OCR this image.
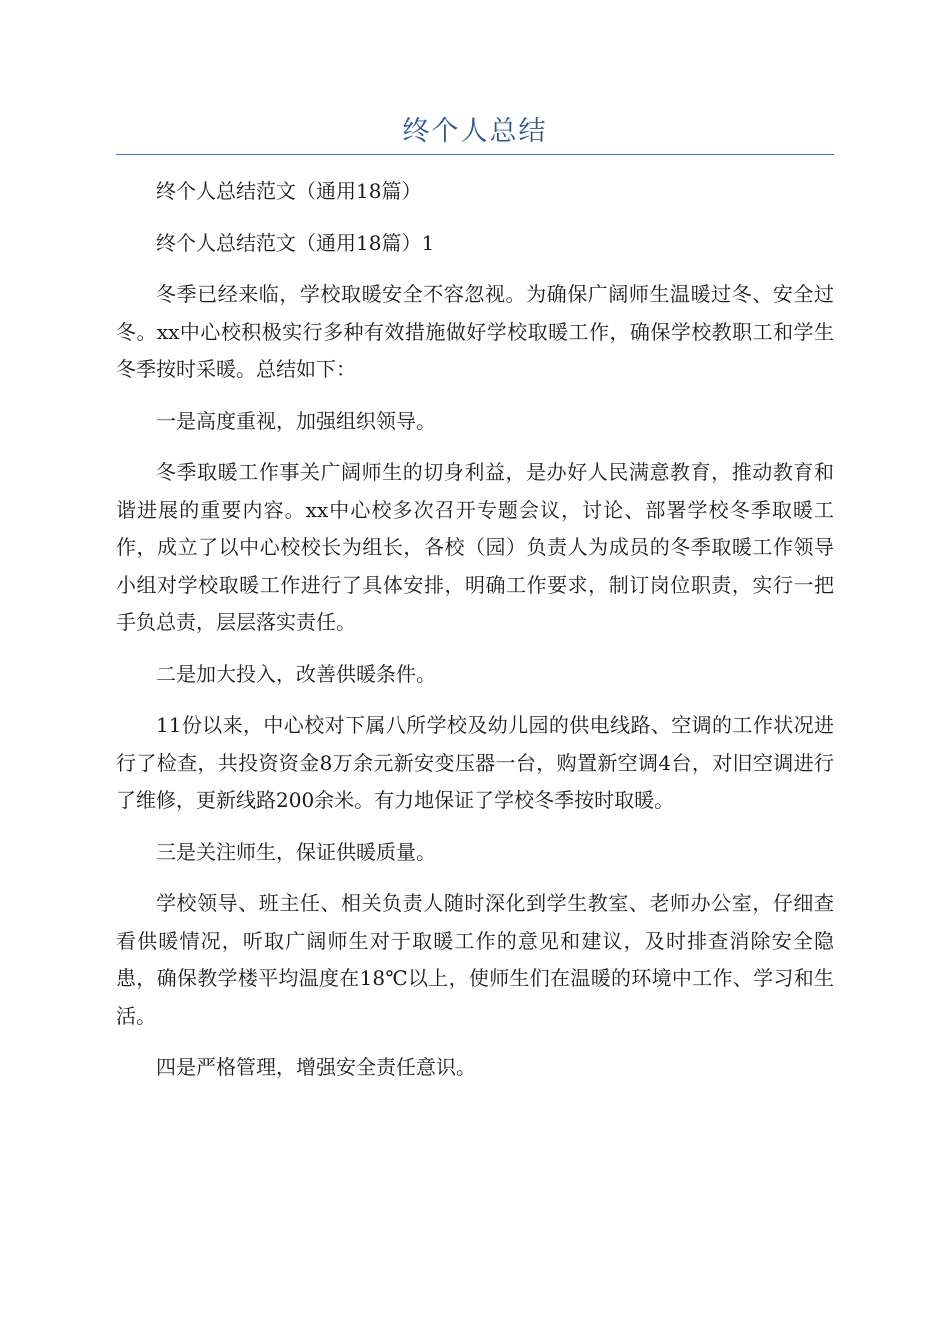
终个人总结

终个人总结范文（通用18篇）

终个人总结范文（通用18篇）1

冬季已经来临，学校取暖安全不容忽视。为确保广阔师生温暖过冬、安全过冬。xx中心校积极实行多种有效措施做好学校取暖工作，确保学校教职工和学生冬季按时采暖。总结如下：

一是高度重视，加强组织领导。

冬季取暖工作事关广阔师生的切身利益，是办好人民满意教育，推动教育和谐进展的重要内容。xx中心校多次召开专题会议，讨论、部署学校冬季取暖工作，成立了以中心校校长为组长，各校（园）负责人为成员的冬季取暖工作领导小组对学校取暖工作进行了具体安排，明确工作要求，制订岗位职责，实行一把手负总责，层层落实责任。

二是加大投入，改善供暖条件。

11份以来，中心校对下属八所学校及幼儿园的供电线路、空调的工作状况进行了检查，共投资资金8万余元新安变压器一台，购置新空调4台，对旧空调进行了维修，更新线路200余米。有力地保证了学校冬季按时取暖。

三是关注师生，保证供暖质量。

学校领导、班主任、相关负责人随时深化到学生教室、老师办公室，仔细查看供暖情况，听取广阔师生对于取暖工作的意见和建议，及时排查消除安全隐患，确保教学楼平均温度在18℃以上，使师生们在温暖的环境中工作、学习和生活。

四是严格管理，增强安全责任意识。
